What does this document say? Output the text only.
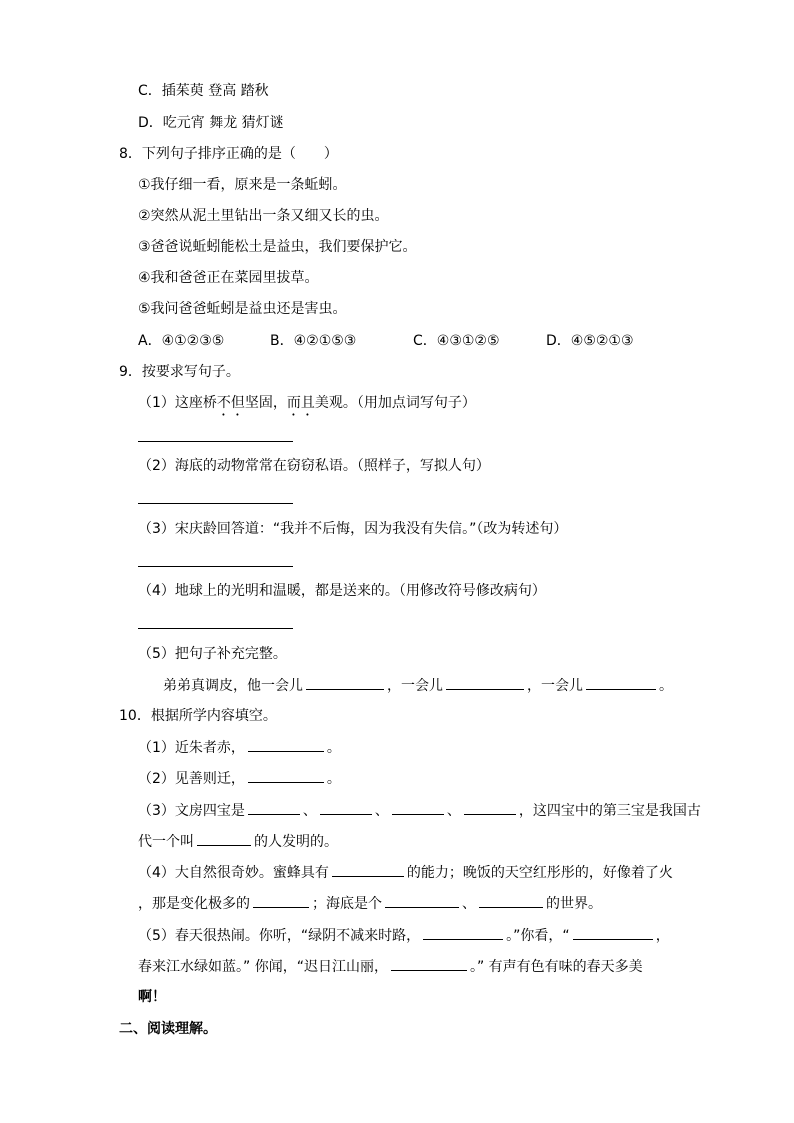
C．插茱萸 登高 踏秋
D．吃元宵 舞龙 猜灯谜
8．下列句子排序正确的是（　　）
①我仔细一看，原来是一条蚯蚓。
②突然从泥土里钻出一条又细又长的虫。
③爸爸说蚯蚓能松土是益虫，我们要保护它。
④我和爸爸正在菜园里拔草。
⑤我问爸爸蚯蚓是益虫还是害虫。
A．④①②③⑤	B．④②①⑤③	C．④③①②⑤	D．④⑤②①③
9．按要求写句子。
（1）这座桥不但坚固，而且美观。（用加点词写句子）
（2）海底的动物常常在窃窃私语。（照样子，写拟人句）
（3）宋庆龄回答道：“我并不后悔，因为我没有失信。”（改为转述句）
（4）地球上的光明和温暖，都是送来的。（用修改符号修改病句）
（5）把句子补充完整。
弟弟真调皮，他一会儿	，一会儿	，一会儿	。
10．根据所学内容填空。
（1）近朱者赤，	。
（2）见善则迁，	。
（3）文房四宝是	、	、	、	，这四宝中的第三宝是我国古
代一个叫	的人发明的。
（4）大自然很奇妙。蜜蜂具有	的能力；晚饭的天空红彤彤的，好像着了火
，那是变化极多的	；海底是个	、	的世界。
（5）春天很热闹。你听，“绿阴不减来时路，	。”你看，“	，
春来江水绿如蓝。” 你闻，“迟日江山丽，	。” 有声有色有味的春天多美
啊！
二、阅读理解。
